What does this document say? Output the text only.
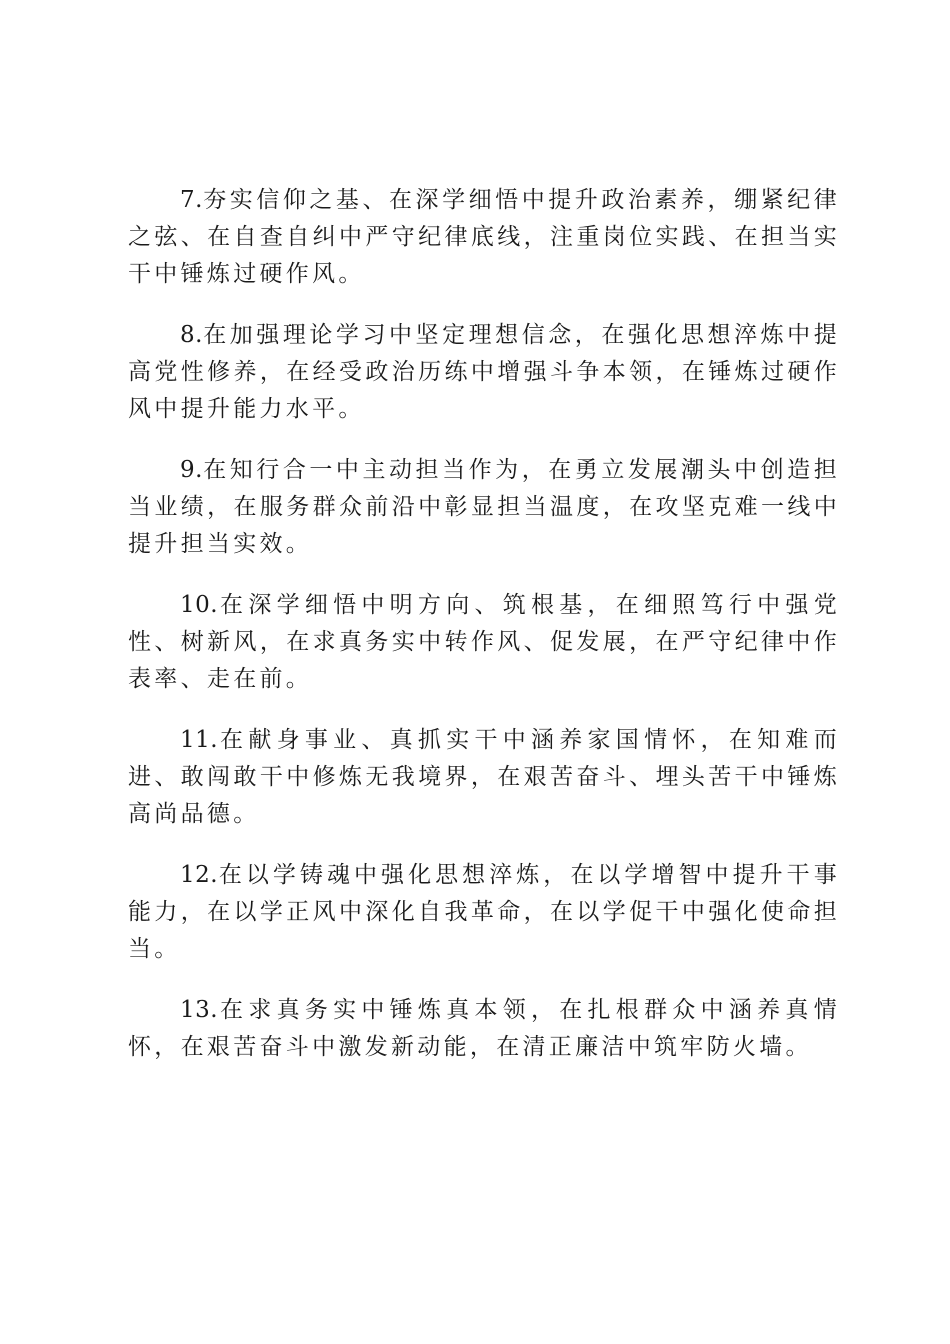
7.夯实信仰之基、在深学细悟中提升政治素养，绷紧纪律之弦、在自查自纠中严守纪律底线，注重岗位实践、在担当实干中锤炼过硬作风。

8.在加强理论学习中坚定理想信念，在强化思想淬炼中提高党性修养，在经受政治历练中增强斗争本领，在锤炼过硬作风中提升能力水平。

9.在知行合一中主动担当作为，在勇立发展潮头中创造担当业绩，在服务群众前沿中彰显担当温度，在攻坚克难一线中提升担当实效。

10.在深学细悟中明方向、筑根基，在细照笃行中强党性、树新风，在求真务实中转作风、促发展，在严守纪律中作表率、走在前。

11.在献身事业、真抓实干中涵养家国情怀，在知难而进、敢闯敢干中修炼无我境界，在艰苦奋斗、埋头苦干中锤炼高尚品德。

12.在以学铸魂中强化思想淬炼，在以学增智中提升干事能力，在以学正风中深化自我革命，在以学促干中强化使命担当。

13.在求真务实中锤炼真本领，在扎根群众中涵养真情怀，在艰苦奋斗中激发新动能，在清正廉洁中筑牢防火墙。
